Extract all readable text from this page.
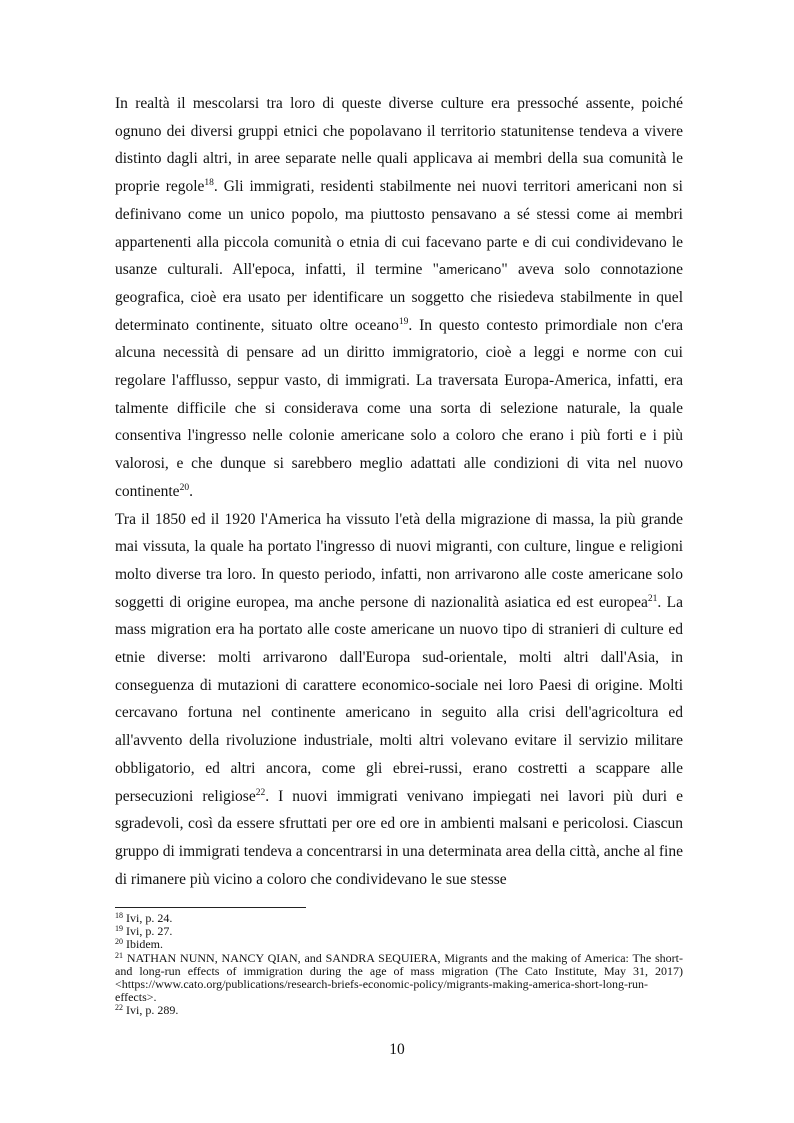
In realtà il mescolarsi tra loro di queste diverse culture era pressoché assente, poiché ognuno dei diversi gruppi etnici che popolavano il territorio statunitense tendeva a vivere distinto dagli altri, in aree separate nelle quali applicava ai membri della sua comunità le proprie regole$^{18}$. Gli immigrati, residenti stabilmente nei nuovi territori americani non si definivano come un unico popolo, ma piuttosto pensavano a sé stessi come ai membri appartenenti alla piccola comunità o etnia di cui facevano parte e di cui condividevano le usanze culturali. All'epoca, infatti, il termine "americano" aveva solo connotazione geografica, cioè era usato per identificare un soggetto che risiedeva stabilmente in quel determinato continente, situato oltre oceano$^{19}$. In questo contesto primordiale non c'era alcuna necessità di pensare ad un diritto immigratorio, cioè a leggi e norme con cui regolare l'afflusso, seppur vasto, di immigrati. La traversata Europa-America, infatti, era talmente difficile che si considerava come una sorta di selezione naturale, la quale consentiva l'ingresso nelle colonie americane solo a coloro che erano i più forti e i più valorosi, e che dunque si sarebbero meglio adattati alle condizioni di vita nel nuovo continente$^{20}$.

Tra il 1850 ed il 1920 l'America ha vissuto l'età della migrazione di massa, la più grande mai vissuta, la quale ha portato l'ingresso di nuovi migranti, con culture, lingue e religioni molto diverse tra loro. In questo periodo, infatti, non arrivarono alle coste americane solo soggetti di origine europea, ma anche persone di nazionalità asiatica ed est europea$^{21}$. La mass migration era ha portato alle coste americane un nuovo tipo di stranieri di culture ed etnie diverse: molti arrivarono dall'Europa sud-orientale, molti altri dall'Asia, in conseguenza di mutazioni di carattere economico-sociale nei loro Paesi di origine. Molti cercavano fortuna nel continente americano in seguito alla crisi dell'agricoltura ed all'avvento della rivoluzione industriale, molti altri volevano evitare il servizio militare obbligatorio, ed altri ancora, come gli ebrei-russi, erano costretti a scappare alle persecuzioni religiose$^{22}$. I nuovi immigrati venivano impiegati nei lavori più duri e sgradevoli, così da essere sfruttati per ore ed ore in ambienti malsani e pericolosi. Ciascun gruppo di immigrati tendeva a concentrarsi in una determinata area della città, anche al fine di rimanere più vicino a coloro che condividevano le sue stesse

$^{18}$ Ivi, p. 24.

$^{19}$ Ivi, p. 27.

$^{20}$ Ibidem.

$^{21}$ NATHAN NUNN, NANCY QIAN, and SANDRA SEQUIERA, Migrants and the making of America: The short- and long-run effects of immigration during the age of mass migration (The Cato Institute, May 31, 2017) <https://www.cato.org/publications/research-briefs-economic-policy/migrants-making-america-short-long-run-effects>.

$^{22}$ Ivi, p. 289.

10
